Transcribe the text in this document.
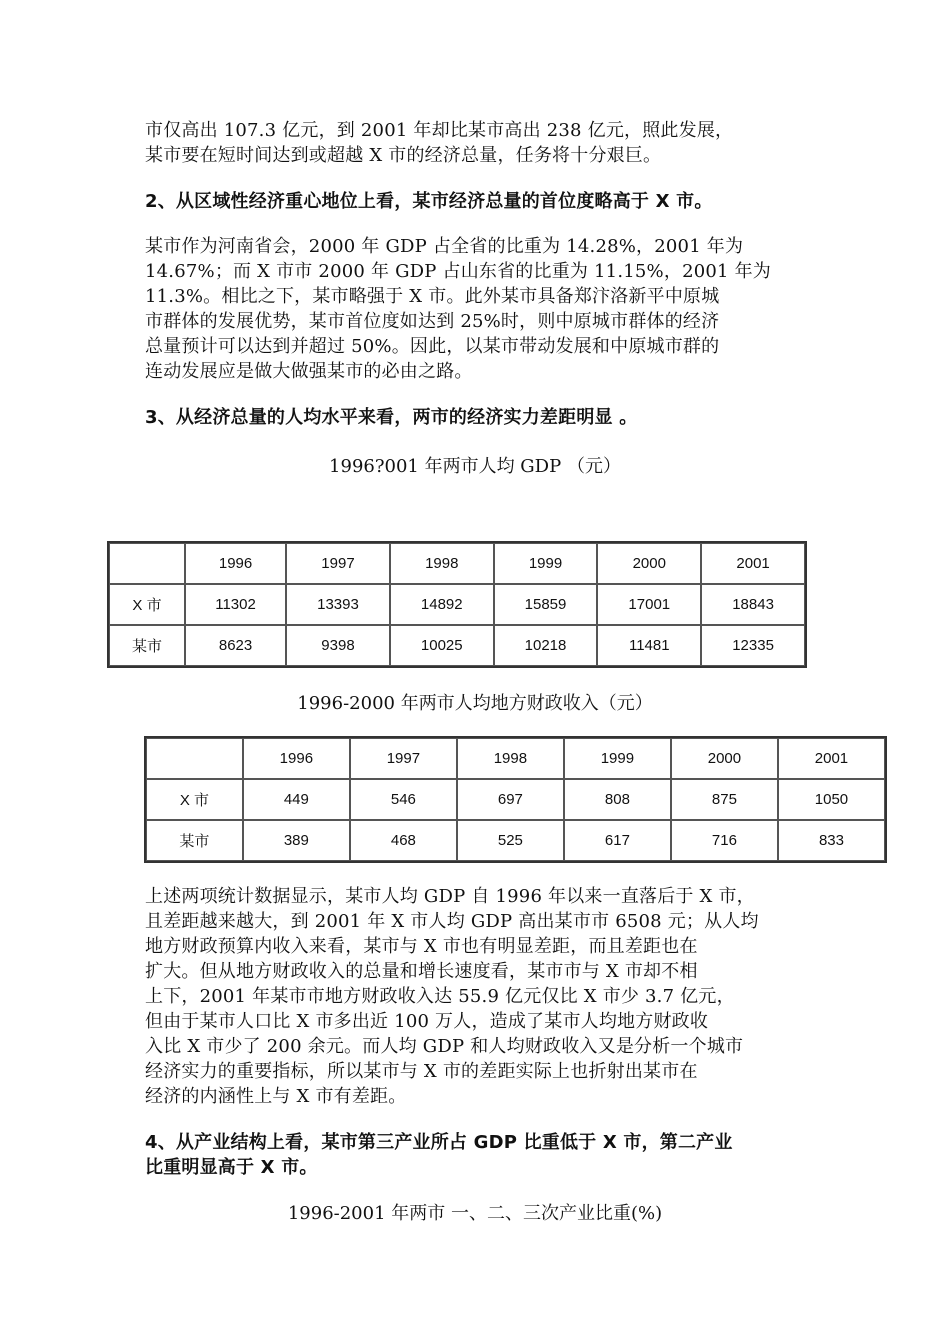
市仅高出 107.3 亿元，到 2001 年却比某市高出 238 亿元，照此发展，
某市要在短时间达到或超越 X 市的经济总量，任务将十分艰巨。
2、从区域性经济重心地位上看，某市经济总量的首位度略高于 X 市。
某市作为河南省会，2000 年 GDP 占全省的比重为 14.28%，2001 年为
14.67%；而 X 市市 2000 年 GDP 占山东省的比重为 11.15%，2001 年为
11.3%。相比之下，某市略强于 X 市。此外某市具备郑汴洛新平中原城
市群体的发展优势，某市首位度如达到 25%时，则中原城市群体的经济
总量预计可以达到并超过 50%。因此，以某市带动发展和中原城市群的
连动发展应是做大做强某市的必由之路。
3、从经济总量的人均水平来看，两市的经济实力差距明显 。
1996?001 年两市人均 GDP （元）
	1996	1997	1998	1999	2000	2001
X 市	11302	13393	14892	15859	17001	18843
某市	8623	9398	10025	10218	11481	12335
1996-2000 年两市人均地方财政收入（元）
	1996	1997	1998	1999	2000	2001
X 市	449	546	697	808	875	1050
某市	389	468	525	617	716	833
上述两项统计数据显示，某市人均 GDP 自 1996 年以来一直落后于 X 市，
且差距越来越大，到 2001 年 X 市人均 GDP 高出某市市 6508 元；从人均
地方财政预算内收入来看，某市与 X 市也有明显差距，而且差距也在
扩大。但从地方财政收入的总量和增长速度看，某市市与 X 市却不相
上下，2001 年某市市地方财政收入达 55.9 亿元仅比 X 市少 3.7 亿元，
但由于某市人口比 X 市多出近 100 万人，造成了某市人均地方财政收
入比 X 市少了 200 余元。而人均 GDP 和人均财政收入又是分析一个城市
经济实力的重要指标，所以某市与 X 市的差距实际上也折射出某市在
经济的内涵性上与 X 市有差距。
4、从产业结构上看，某市第三产业所占 GDP 比重低于 X 市，第二产业
比重明显高于 X 市。
1996-2001 年两市 一、二、三次产业比重(%)
